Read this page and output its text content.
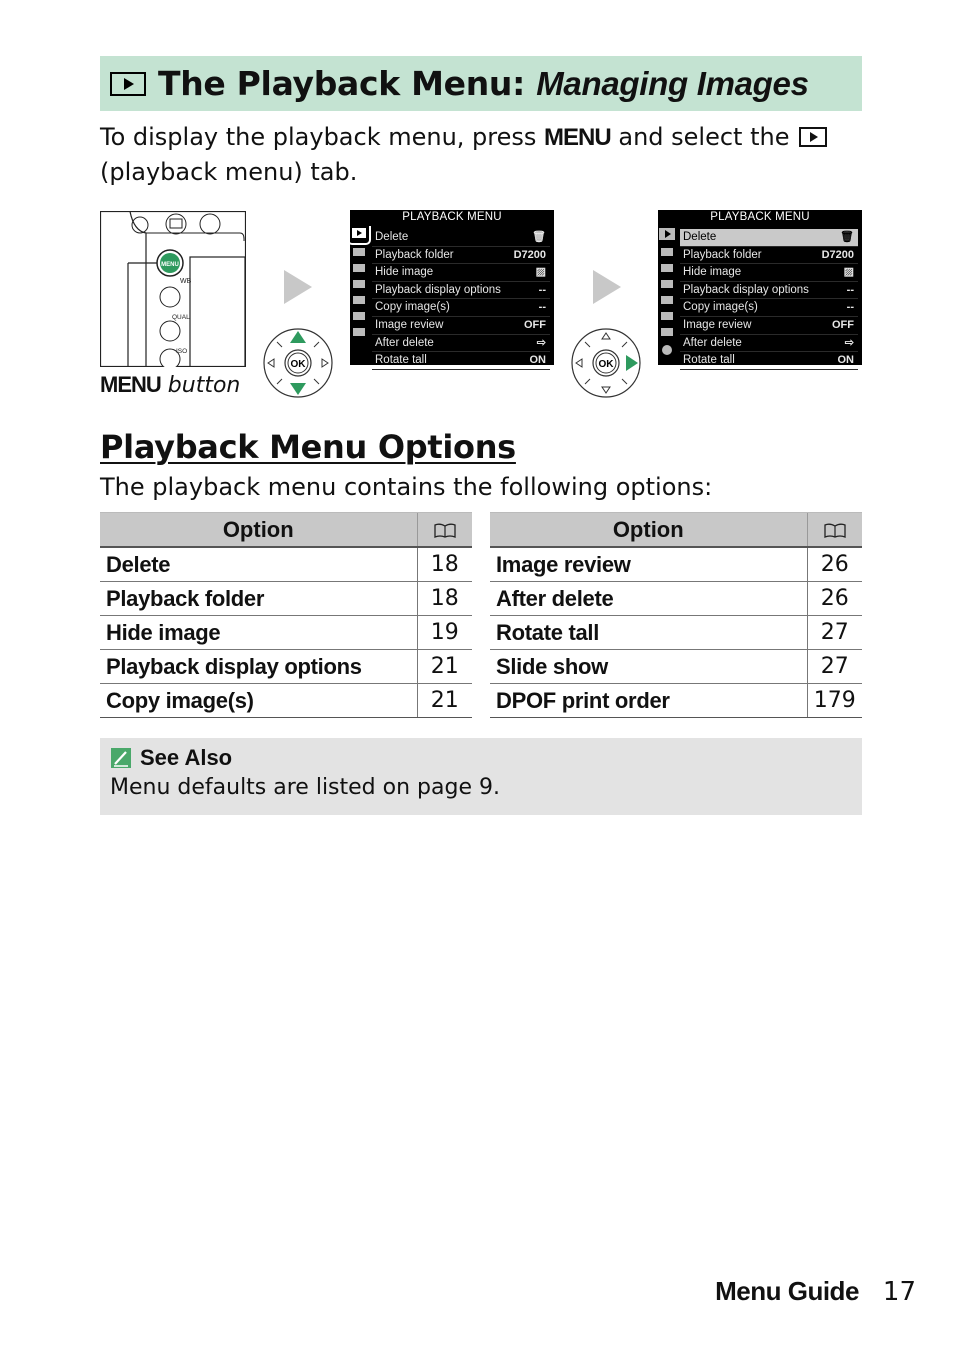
The Playback Menu: Managing Images
To display the playback menu, press MENU and select the
(playback menu) tab.
MENU
WB
QUAL
ISO
MENU button
OK
PLAYBACK MENU
Delete	🗑
Playback folder	D7200
Hide image	▨
Playback display options	--
Copy image(s)	--
Image review	OFF
After delete	⇨
Rotate tall	ON	OK
PLAYBACK MENU
Delete	🗑
Playback folder	D7200
Hide image	▨
Playback display options	--
Copy image(s)	--
Image review	OFF
After delete	⇨
Rotate tall	ON
Playback Menu Options
The playback menu contains the following options:
Option	
Delete	18
Playback folder	18
Hide image	19
Playback display options	21
Copy image(s)	21
Option	
Image review	26
After delete	26
Rotate tall	27
Slide show	27
DPOF print order	179
See Also
Menu defaults are listed on page 9.
Menu Guide 17
